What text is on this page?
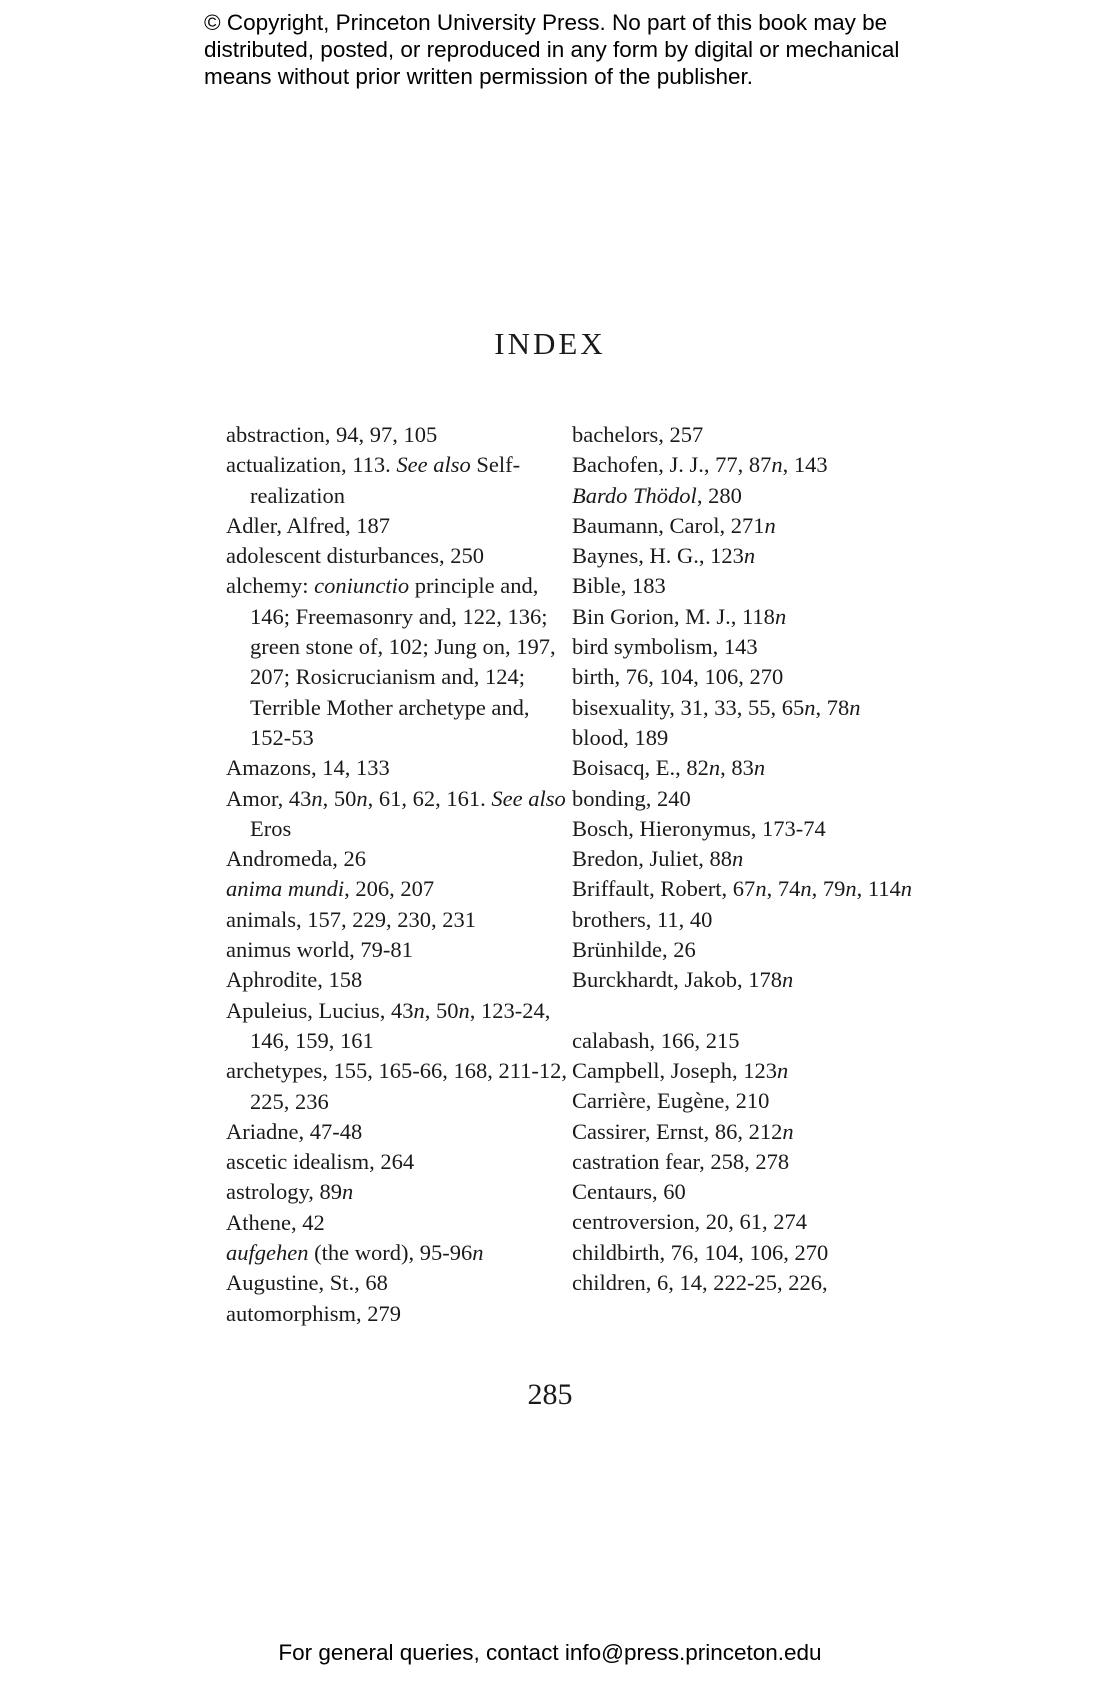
© Copyright, Princeton University Press. No part of this book may be distributed, posted, or reproduced in any form by digital or mechanical means without prior written permission of the publisher.
INDEX

abstraction, 94, 97, 105

actualization, 113. See also Self-realization

Adler, Alfred, 187

adolescent disturbances, 250

alchemy: coniunctio principle and, 146; Freemasonry and, 122, 136; green stone of, 102; Jung on, 197, 207; Rosicrucianism and, 124; Terrible Mother archetype and, 152-53

Amazons, 14, 133

Amor, 43n, 50n, 61, 62, 161. See also Eros

Andromeda, 26

anima mundi, 206, 207

animals, 157, 229, 230, 231

animus world, 79-81

Aphrodite, 158

Apuleius, Lucius, 43n, 50n, 123-24, 146, 159, 161

archetypes, 155, 165-66, 168, 211-12, 225, 236

Ariadne, 47-48

ascetic idealism, 264

astrology, 89n

Athene, 42

aufgehen (the word), 95-96n

Augustine, St., 68

automorphism, 279

bachelors, 257

Bachofen, J. J., 77, 87n, 143

Bardo Thödol, 280

Baumann, Carol, 271n

Baynes, H. G., 123n

Bible, 183

Bin Gorion, M. J., 118n

bird symbolism, 143

birth, 76, 104, 106, 270

bisexuality, 31, 33, 55, 65n, 78n

blood, 189

Boisacq, E., 82n, 83n

bonding, 240

Bosch, Hieronymus, 173-74

Bredon, Juliet, 88n

Briffault, Robert, 67n, 74n, 79n, 114n

brothers, 11, 40

Brünhilde, 26

Burckhardt, Jakob, 178n

calabash, 166, 215

Campbell, Joseph, 123n

Carrière, Eugène, 210

Cassirer, Ernst, 86, 212n

castration fear, 258, 278

Centaurs, 60

centroversion, 20, 61, 274

childbirth, 76, 104, 106, 270

children, 6, 14, 222-25, 226,

285
For general queries, contact info@press.princeton.edu
